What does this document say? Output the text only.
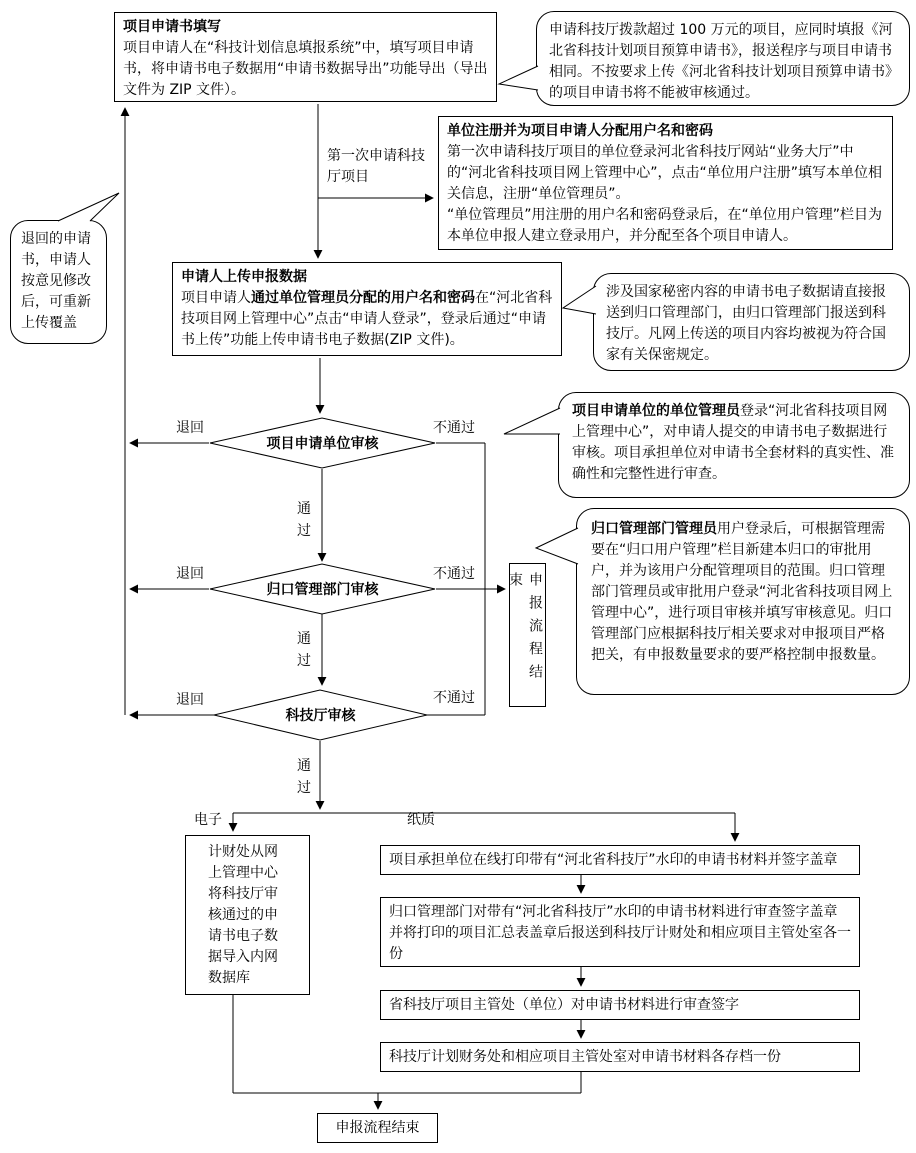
项目申请书填写
项目申请人在“科技计划信息填报系统”中，填写项目申请书，将申请书电子数据用“申请书数据导出”功能导出（导出文件为 ZIP 文件）。
单位注册并为项目申请人分配用户名和密码
第一次申请科技厅项目的单位登录河北省科技厅网站“业务大厅”中的“河北省科技项目网上管理中心”，点击“单位用户注册”填写本单位相关信息，注册“单位管理员”。
“单位管理员”用注册的用户名和密码登录后，在“单位用户管理”栏目为本单位申报人建立登录用户，并分配至各个项目申请人。
申请人上传申报数据
项目申请人通过单位管理员分配的用户名和密码在“河北省科技项目网上管理中心”点击“申请人登录”，登录后通过“申请书上传”功能上传申请书电子数据(ZIP 文件)。
计财处从网上管理中心将科技厅审核通过的申请书电子数据导入内网数据库
项目承担单位在线打印带有“河北省科技厅”水印的申请书材料并签字盖章
归口管理部门对带有“河北省科技厅”水印的申请书材料进行审查签字盖章并将打印的项目汇总表盖章后报送到科技厅计财处和相应项目主管处室各一份
省科技厅项目主管处（单位）对申请书材料进行审查签字
科技厅计划财务处和相应项目主管处室对申请书材料各存档一份
申报流程结束
申报流程结束
项目申请单位审核
归口管理部门审核
科技厅审核
第一次申请科技厅项目
退回
退回
退回
不通过
不通过
不通过
通过
通过
通过
电子	纸质
申请科技厅拨款超过 100 万元的项目，应同时填报《河北省科技计划项目预算申请书》，报送程序与项目申请书相同。不按要求上传《河北省科技计划项目预算申请书》的项目申请书将不能被审核通过。
退回的申请书，申请人按意见修改后，可重新上传覆盖
涉及国家秘密内容的申请书电子数据请直接报送到归口管理部门，由归口管理部门报送到科技厅。凡网上传送的项目内容均被视为符合国家有关保密规定。
项目申请单位的单位管理员登录“河北省科技项目网上管理中心”，对申请人提交的申请书电子数据进行审核。项目承担单位对申请书全套材料的真实性、准确性和完整性进行审查。
归口管理部门管理员用户登录后，可根据管理需要在“归口用户管理”栏目新建本归口的审批用户，并为该用户分配管理项目的范围。归口管理部门管理员或审批用户登录“河北省科技项目网上管理中心”，进行项目审核并填写审核意见。归口管理部门应根据科技厅相关要求对申报项目严格把关，有申报数量要求的要严格控制申报数量。
